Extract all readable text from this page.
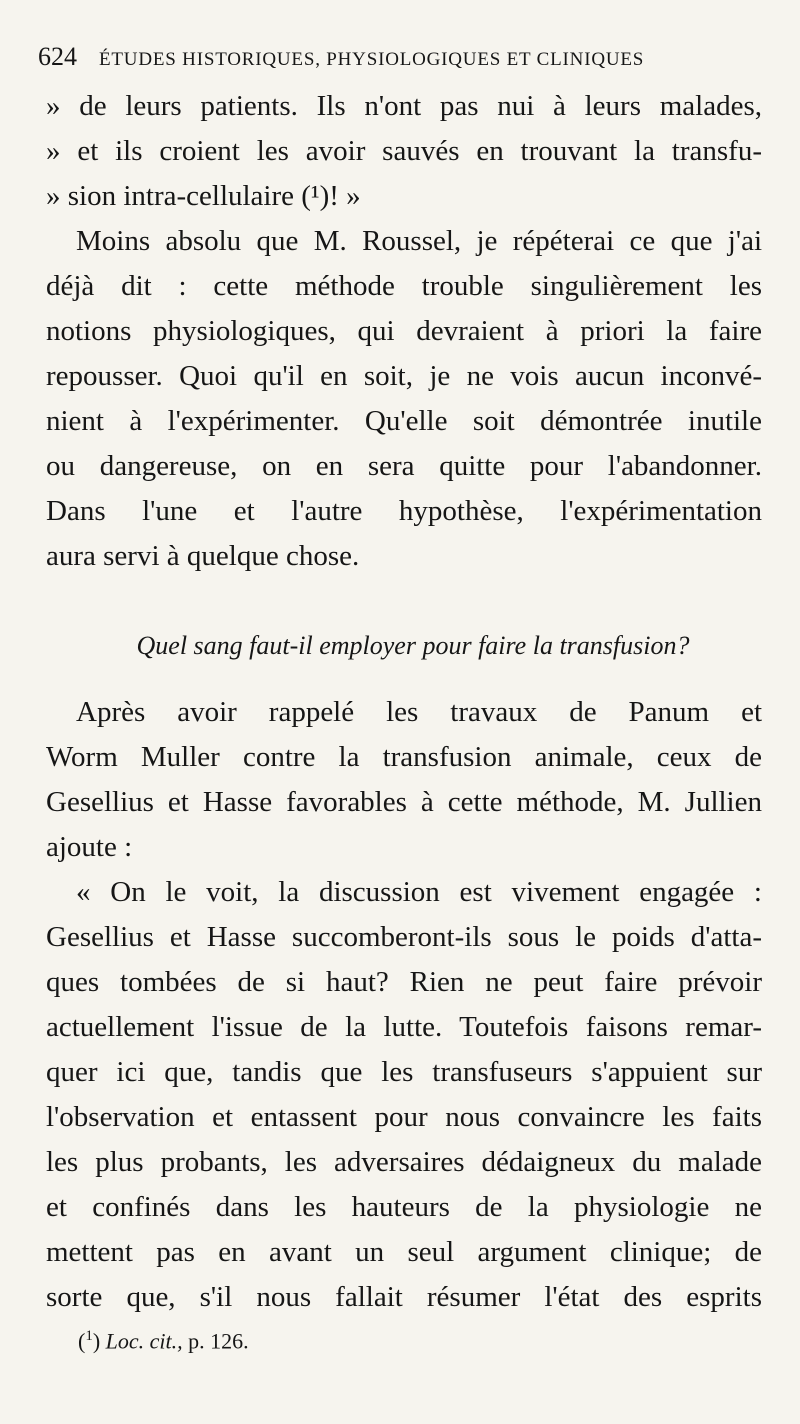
624 ÉTUDES HISTORIQUES, PHYSIOLOGIQUES ET CLINIQUES
» de leurs patients. Ils n'ont pas nui à leurs malades,
» et ils croient les avoir sauvés en trouvant la transfu-
» sion intra-cellulaire (¹)! »
Moins absolu que M. Roussel, je répéterai ce que j'ai
déjà dit : cette méthode trouble singulièrement les
notions physiologiques, qui devraient à priori la faire
repousser. Quoi qu'il en soit, je ne vois aucun inconvé-
nient à l'expérimenter. Qu'elle soit démontrée inutile
ou dangereuse, on en sera quitte pour l'abandonner.
Dans l'une et l'autre hypothèse, l'expérimentation
aura servi à quelque chose.
Quel sang faut-il employer pour faire la transfusion?
Après avoir rappelé les travaux de Panum et
Worm Muller contre la transfusion animale, ceux de
Gesellius et Hasse favorables à cette méthode, M. Jullien
ajoute :
« On le voit, la discussion est vivement engagée :
Gesellius et Hasse succomberont-ils sous le poids d'atta-
ques tombées de si haut? Rien ne peut faire prévoir
actuellement l'issue de la lutte. Toutefois faisons remar-
quer ici que, tandis que les transfuseurs s'appuient sur
l'observation et entassent pour nous convaincre les faits
les plus probants, les adversaires dédaigneux du malade
et confinés dans les hauteurs de la physiologie ne
mettent pas en avant un seul argument clinique; de
sorte que, s'il nous fallait résumer l'état des esprits
($^1$) Loc. cit., p. 126.
